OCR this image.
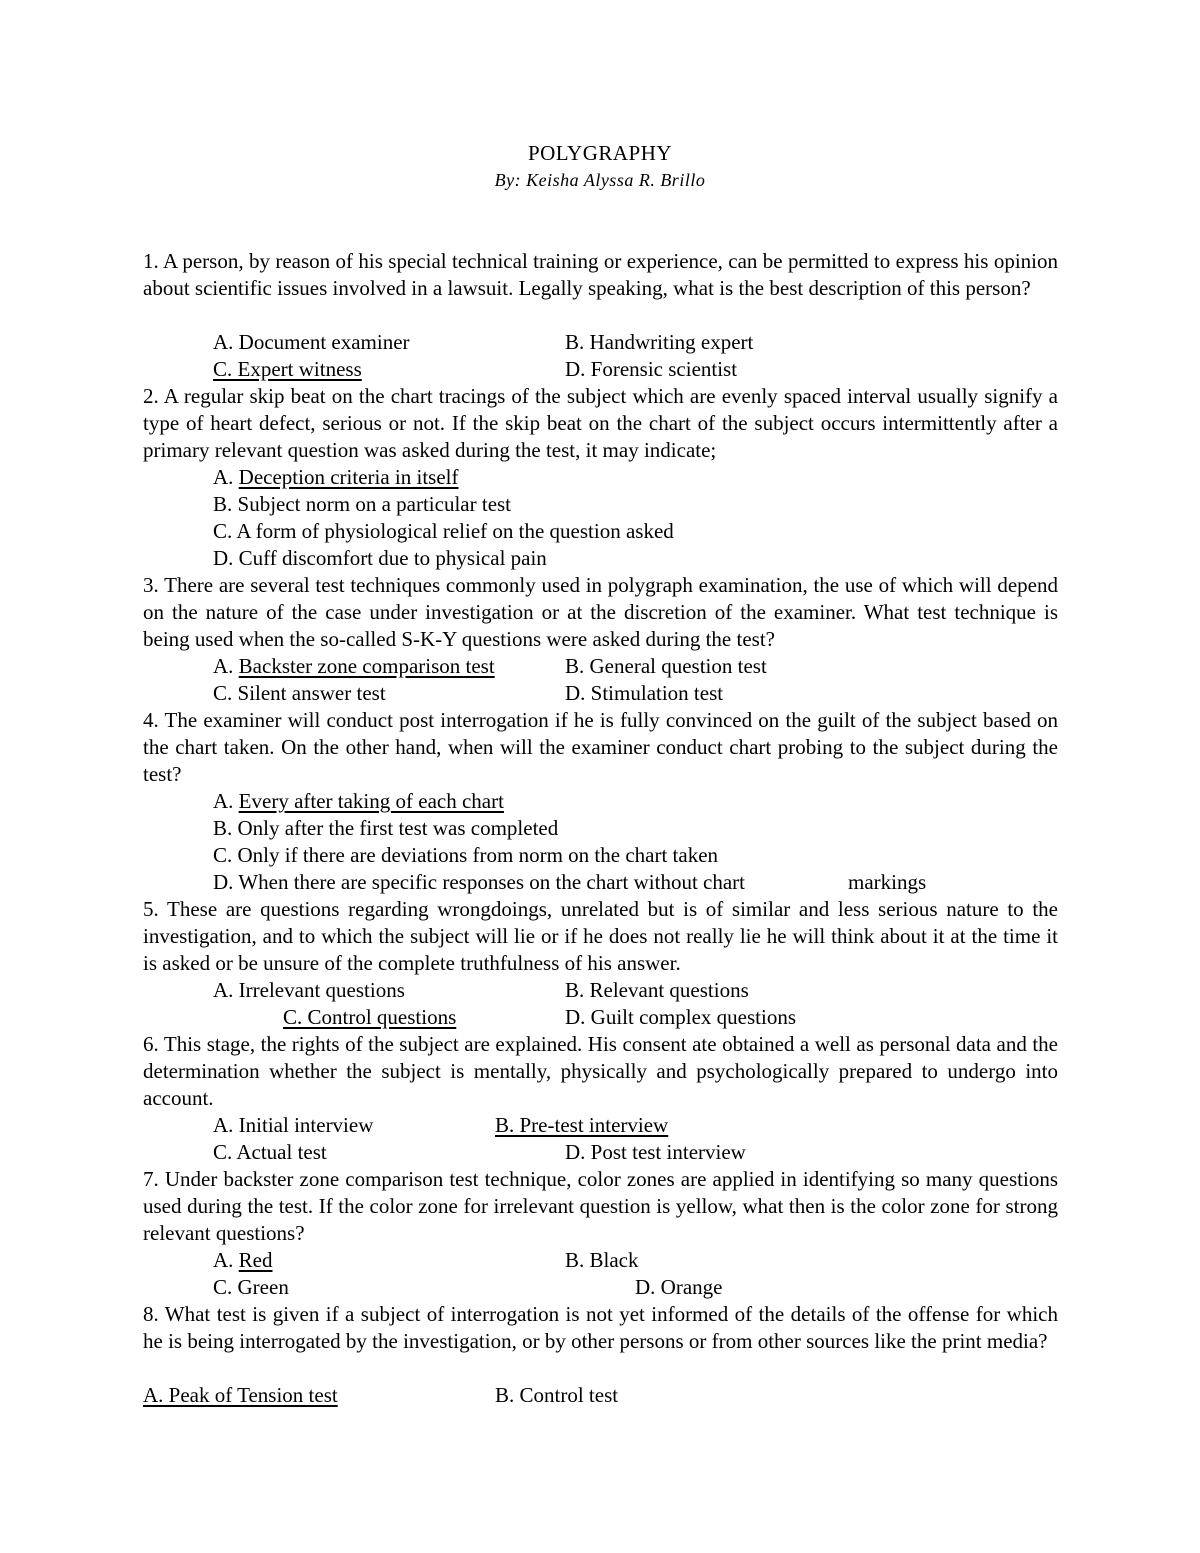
POLYGRAPHY
By: Keisha Alyssa R. Brillo
1. A person, by reason of his special technical training or experience, can be permitted to express his opinion about scientific issues involved in a lawsuit. Legally speaking, what is the best description of this person?
A. Document examiner	B. Handwriting expert
C. Expert witness	D. Forensic scientist
2. A regular skip beat on the chart tracings of the subject which are evenly spaced interval usually signify a type of heart defect, serious or not. If the skip beat on the chart of the subject occurs intermittently after a primary relevant question was asked during the test, it may indicate;
A. Deception criteria in itself
B. Subject norm on a particular test
C. A form of physiological relief on the question asked
D. Cuff discomfort due to physical pain
3. There are several test techniques commonly used in polygraph examination, the use of which will depend on the nature of the case under investigation or at the discretion of the examiner. What test technique is being used when the so-called S-K-Y questions were asked during the test?
A. Backster zone comparison test	B. General question test
C. Silent answer test	D. Stimulation test
4. The examiner will conduct post interrogation if he is fully convinced on the guilt of the subject based on the chart taken. On the other hand, when will the examiner conduct chart probing to the subject during the test?
A. Every after taking of each chart
B. Only after the first test was completed
C. Only if there are deviations from norm on the chart taken
D. When there are specific responses on the chart without chart	markings
5. These are questions regarding wrongdoings, unrelated but is of similar and less serious nature to the investigation, and to which the subject will lie or if he does not really lie he will think about it at the time it is asked or be unsure of the complete truthfulness of his answer.
A. Irrelevant questions	B. Relevant questions
C. Control questions	D. Guilt complex questions
6. This stage, the rights of the subject are explained. His consent ate obtained a well as personal data and the determination whether the subject is mentally, physically and psychologically prepared to undergo into account.
A. Initial interview	B. Pre-test interview
C. Actual test	D. Post test interview
7. Under backster zone comparison test technique, color zones are applied in identifying so many questions used during the test. If the color zone for irrelevant question is yellow, what then is the color zone for strong relevant questions?
A. Red	B. Black
C. Green	D. Orange
8. What test is given if a subject of interrogation is not yet informed of the details of the offense for which he is being interrogated by the investigation, or by other persons or from other sources like the print media?
A. Peak of Tension test	B. Control test
